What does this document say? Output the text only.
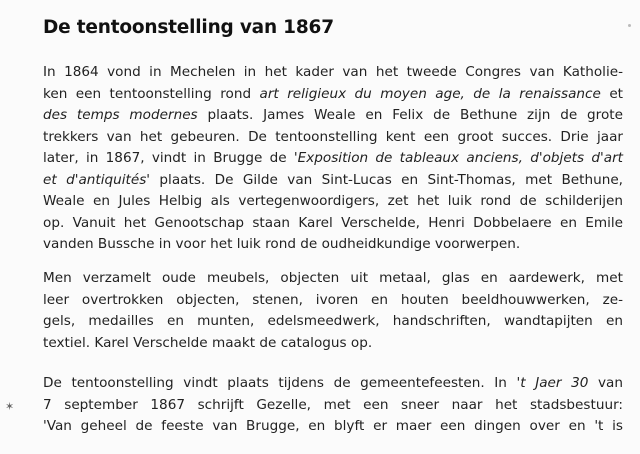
De tentoonstelling van 1867
In 1864 vond in Mechelen in het kader van het tweede Congres van Katholie-
ken een tentoonstelling rond art religieux du moyen age, de la renaissance et
des temps modernes plaats. James Weale en Felix de Bethune zijn de grote
trekkers van het gebeuren. De tentoonstelling kent een groot succes. Drie jaar
later, in 1867, vindt in Brugge de 'Exposition de tableaux anciens, d'objets d'art
et d'antiquités' plaats. De Gilde van Sint-Lucas en Sint-Thomas, met Bethune,
Weale en Jules Helbig als vertegenwoordigers, zet het luik rond de schilderijen
op. Vanuit het Genootschap staan Karel Verschelde, Henri Dobbelaere en Emile
vanden Bussche in voor het luik rond de oudheidkundige voorwerpen.
Men verzamelt oude meubels, objecten uit metaal, glas en aardewerk, met
leer overtrokken objecten, stenen, ivoren en houten beeldhouwwerken, ze-
gels, medailles en munten, edelsmeedwerk, handschriften, wandtapijten en
textiel. Karel Verschelde maakt de catalogus op.
De tentoonstelling vindt plaats tijdens de gemeentefeesten. In 't Jaer 30 van
7 september 1867 schrijft Gezelle, met een sneer naar het stadsbestuur:
'Van geheel de feeste van Brugge, en blyft er maer een dingen over en 't is
✶
